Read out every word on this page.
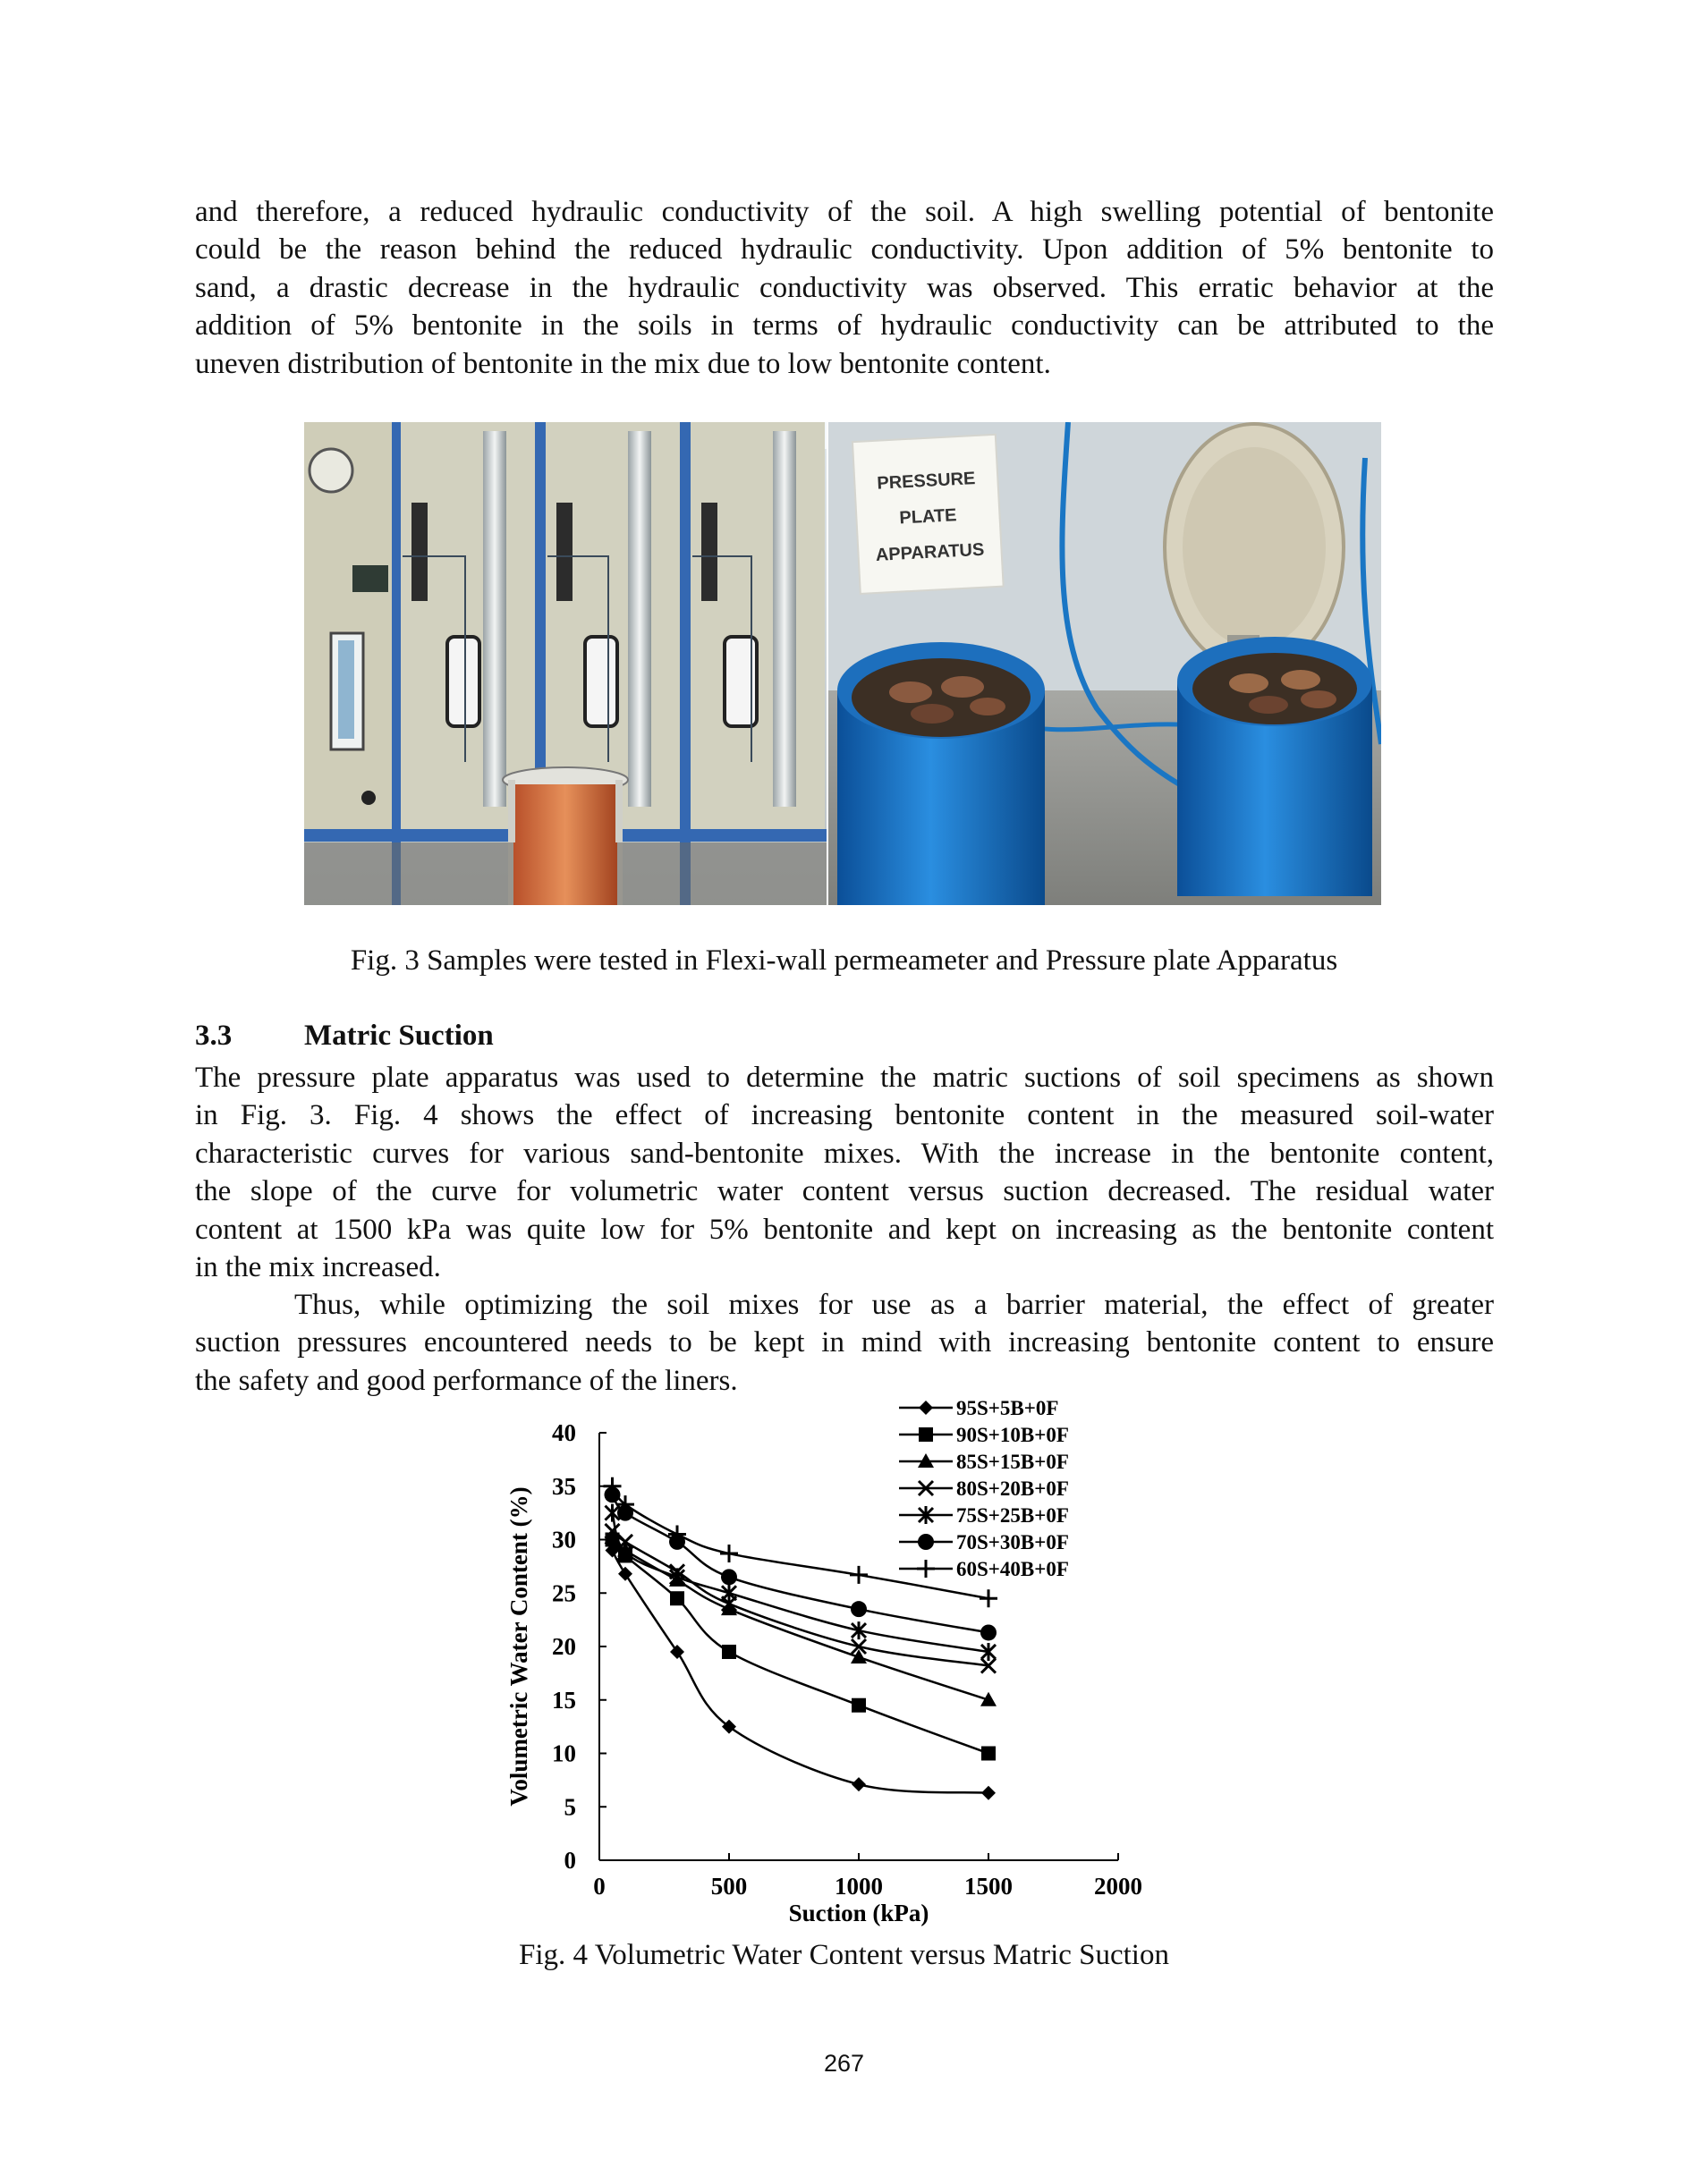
and therefore, a reduced hydraulic conductivity of the soil. A high swelling potential of bentonite
could be the reason behind the reduced hydraulic conductivity. Upon addition of 5% bentonite to
sand, a drastic decrease in the hydraulic conductivity was observed. This erratic behavior at the
addition of 5% bentonite in the soils in terms of hydraulic conductivity can be attributed to the
uneven distribution of bentonite in the mix due to low bentonite content.
PRESSURE
PLATE
APPARATUS

Fig. 3 Samples were tested in Flexi-wall permeameter and Pressure plate Apparatus

3.3 Matric Suction

The pressure plate apparatus was used to determine the matric suctions of soil specimens as shown
in Fig. 3. Fig. 4 shows the effect of increasing bentonite content in the measured soil-water
characteristic curves for various sand-bentonite mixes. With the increase in the bentonite content,
the slope of the curve for volumetric water content versus suction decreased. The residual water
content at 1500 kPa was quite low for 5% bentonite and kept on increasing as the bentonite content
in the mix increased.
Thus, while optimizing the soil mixes for use as a barrier material, the effect of greater
suction pressures encountered needs to be kept in mind with increasing bentonite content to ensure
the safety and good performance of the liners.
0
5
10
15
20
25
30
35
40
0	500	1000	1500	2000
95S+5B+0F
90S+10B+0F
85S+15B+0F
80S+20B+0F
75S+25B+0F
70S+30B+0F
60S+40B+0F
Suction (kPa)
Volumetric Water Content (%)

Fig. 4 Volumetric Water Content versus Matric Suction

267
